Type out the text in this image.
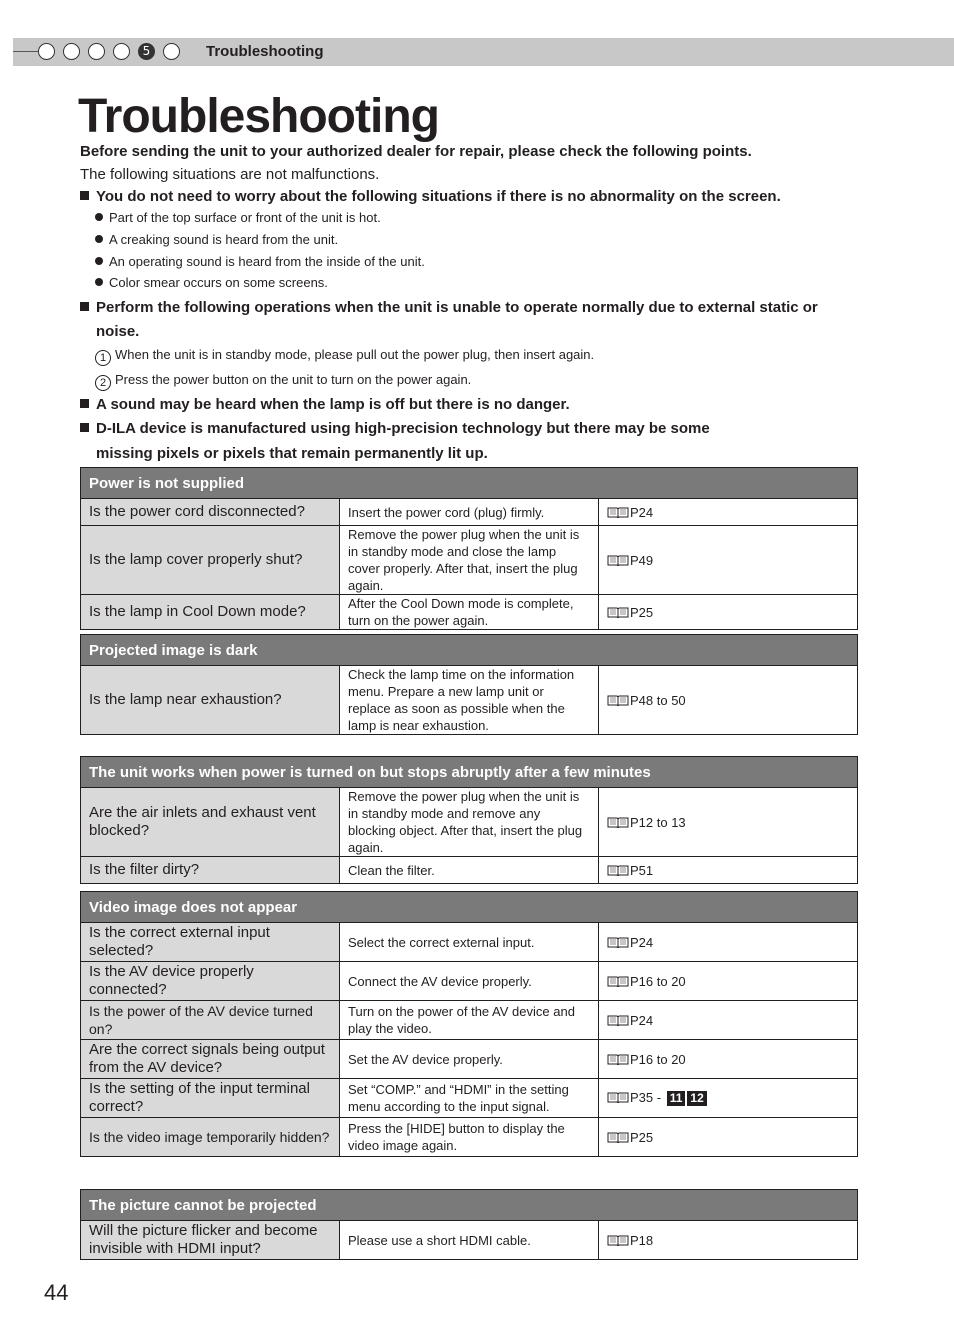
5	Troubleshooting
Troubleshooting
Before sending the unit to your authorized dealer for repair, please check the following points.
The following situations are not malfunctions.
You do not need to worry about the following situations if there is no abnormality on the screen.
Part of the top surface or front of the unit is hot.
A creaking sound is heard from the unit.
An operating sound is heard from the inside of the unit.
Color smear occurs on some screens.
Perform the following operations when the unit is unable to operate normally due to external static or
noise.
1 When the unit is in standby mode, please pull out the power plug, then insert again.
2 Press the power button on the unit to turn on the power again.
A sound may be heard when the lamp is off but there is no danger.
D-ILA device is manufactured using high-precision technology but there may be some
missing pixels or pixels that remain permanently lit up.
Power is not supplied		
Is the power cord disconnected?	Insert the power cord (plug) firmly.	P24
Is the lamp cover properly shut?	Remove the power plug when the unit is in standby mode and close the lamp cover properly. After that, insert the plug again.	P49
Is the lamp in Cool Down mode?	After the Cool Down mode is complete, turn on the power again.	P25
Projected image is dark
Is the lamp near exhaustion?	Check the lamp time on the information menu. Prepare a new lamp unit or replace as soon as possible when the lamp is near exhaustion.	P48 to 50
The unit works when power is turned on but stops abruptly after a few minutes		
Are the air inlets and exhaust vent blocked?	Remove the power plug when the unit is in standby mode and remove any blocking object. After that, insert the plug again.	P12 to 13
Is the filter dirty?	Clean the filter.	P51
Video image does not appear		
Is the correct external input selected?	Select the correct external input.	P24
Is the AV device properly connected?	Connect the AV device properly.	P16 to 20
Is the power of the AV device turned on?	Turn on the power of the AV device and play the video.	P24
Are the correct signals being output from the AV device?	Set the AV device properly.	P16 to 20
Is the setting of the input terminal correct?	Set “COMP.” and “HDMI” in the setting menu according to the input signal.	P35 - 11 12
Is the video image temporarily hidden?	Press the [HIDE] button to display the video image again.	P25
The picture cannot be projected
Will the picture flicker and become invisible with HDMI input?	Please use a short HDMI cable.	P18
44
